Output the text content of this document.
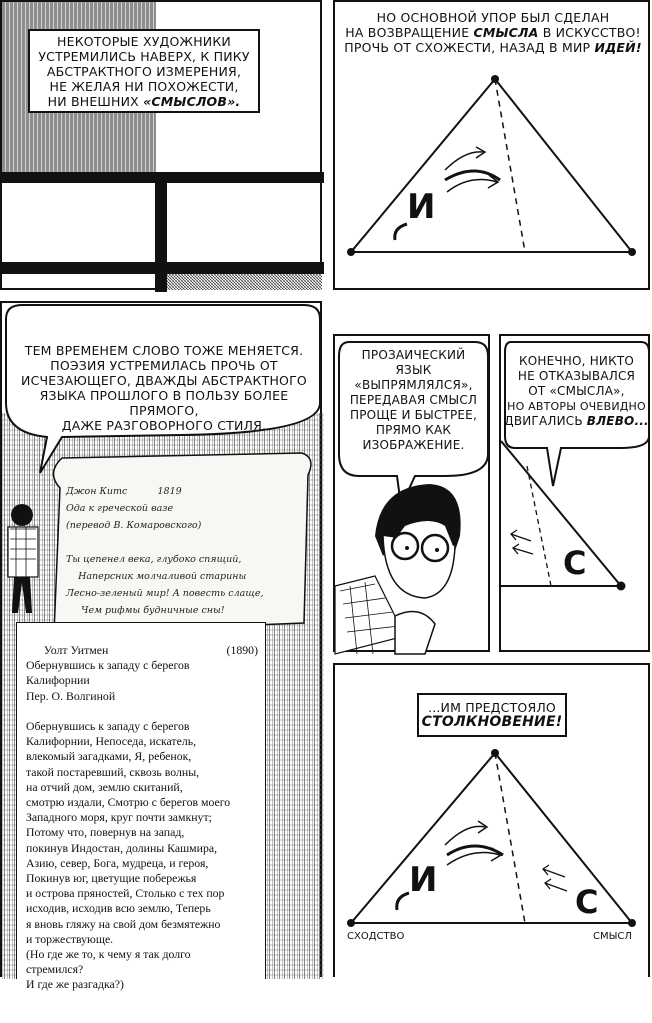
НЕКОТОРЫЕ ХУДОЖНИКИ
УСТРЕМИЛИСЬ НАВЕРХ, К ПИКУ
АБСТРАКТНОГО ИЗМЕРЕНИЯ,
НЕ ЖЕЛАЯ НИ ПОХОЖЕСТИ,
НИ ВНЕШНИХ «СМЫСЛОВ».
НО ОСНОВНОЙ УПОР БЫЛ СДЕЛАН
НА ВОЗВРАЩЕНИЕ СМЫСЛА В ИСКУССТВО!
ПРОЧЬ ОТ СХОЖЕСТИ, НАЗАД В МИР ИДЕЙ!
И
ТЕМ ВРЕМЕНЕМ СЛОВО ТОЖЕ МЕНЯЕТСЯ.
ПОЭЗИЯ УСТРЕМИЛАСЬ ПРОЧЬ ОТ
ИСЧЕЗАЮЩЕГО, ДВАЖДЫ АБСТРАКТНОГО
ЯЗЫКА ПРОШЛОГО В ПОЛЬЗУ БОЛЕЕ ПРЯМОГО,
ДАЖЕ РАЗГОВОРНОГО СТИЛЯ.

Джон Китс          1819
Ода к греческой вазе
(перевод В. Комаровского)
Ты цепенел века, глубоко спящий,
Наперсник молчаливой старины
Лесно-зеленый мир! А повесть слаще,
Чем рифмы будничные сны!

Уолт Уитмен	(1890)

Обернувшись к западу с берегов
Калифорнии
Пер. О. Волгиной
Обернувшись к западу с берегов
Калифорнии, Непоседа, искатель,
влекомый загадками, Я, ребенок,
такой постаревший, сквозь волны,
на отчий дом, землю скитаний,
смотрю издали, Смотрю с берегов моего
Западного моря, круг почти замкнут;
Потому что, повернув на запад,
покинув Индостан, долины Кашмира,
Азию, север, Бога, мудреца, и героя,
Покинув юг, цветущие побережья
и острова пряностей, Столько с тех пор
исходив, исходив всю землю, Теперь
я вновь гляжу на свой дом безмятежно
и торжествующе.
(Но где же то, к чему я так долго
стремился?
И где же разгадка?)

ПРОЗАИЧЕСКИЙ
ЯЗЫК
«ВЫПРЯМЛЯЛСЯ»,
ПЕРЕДАВАЯ СМЫСЛ
ПРОЩЕ И БЫСТРЕЕ,
ПРЯМО КАК
ИЗОБРАЖЕНИЕ.
КОНЕЧНО, НИКТО
НЕ ОТКАЗЫВАЛСЯ
ОТ «СМЫСЛА»,
НО АВТОРЫ ОЧЕВИДНО
ДВИГАЛИСЬ ВЛЕВО...
С
...ИМ ПРЕДСТОЯЛО
СТОЛКНОВЕНИЕ!
И
С
СХОДСТВО	СМЫСЛ
